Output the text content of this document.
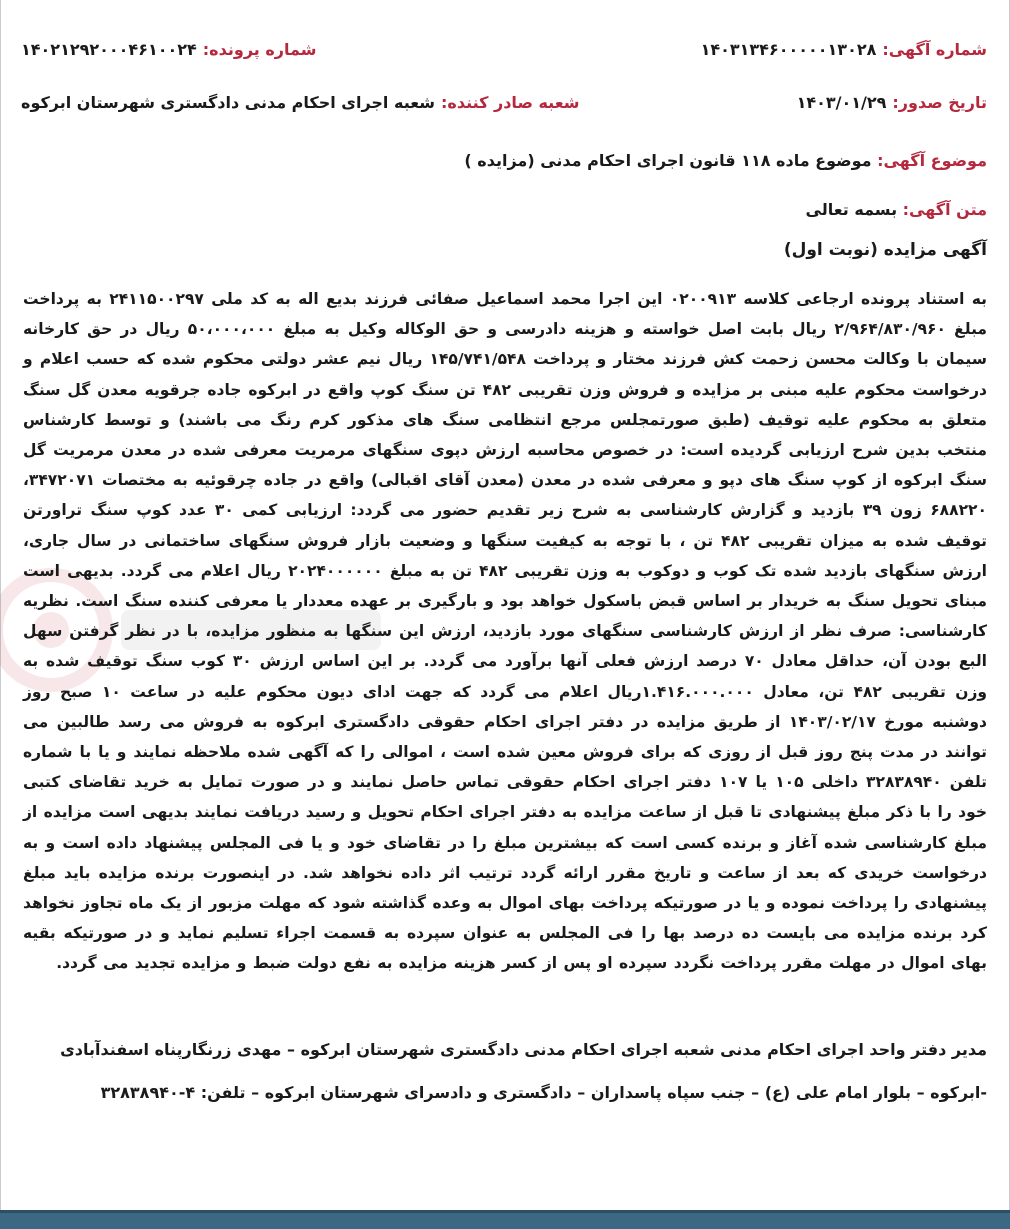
شماره پرونده:
۱۴۰۲۱۲۹۲۰۰۰۴۶۱۰۰۲۴	شماره آگهی:
۱۴۰۳۱۳۴۶۰۰۰۰۰۱۳۰۲۸
شعبه صادر کننده:
شعبه اجرای احکام مدنی دادگستری شهرستان ابرکوه	تاریخ صدور:
۱۴۰۳/۰۱/۲۹
موضوع آگهی: موضوع ماده ۱۱۸ قانون اجرای احکام مدنی (مزایده )
متن آگهی: بسمه تعالی
آگهی مزایده (نوبت اول)
به استناد پرونده ارجاعی کلاسه ۰۲۰۰۹۱۳ این اجرا محمد اسماعیل صفائی فرزند بدیع اله به کد ملی ۲۴۱۱۵۰۰۲۹۷ به پرداخت مبلغ ۲/۹۶۴/۸۳۰/۹۶۰ ریال بابت اصل خواسته و هزینه دادرسی و حق الوکاله وکیل به مبلغ ۵۰،۰۰۰،۰۰۰ ریال در حق کارخانه سیمان با وکالت محسن زحمت کش فرزند مختار و پرداخت ۱۴۵/۷۴۱/۵۴۸ ریال نیم عشر دولتی محکوم شده که حسب اعلام و درخواست محکوم علیه مبنی بر مزایده و فروش وزن تقریبی ۴۸۲ تن سنگ کوپ واقع در ابرکوه جاده جرقویه معدن گل سنگ متعلق به محکوم علیه توقیف (طبق صورتمجلس مرجع انتظامی سنگ های مذکور کرم رنگ می باشند) و توسط کارشناس منتخب بدین شرح ارزیابی گردیده است: در خصوص محاسبه ارزش دپوی سنگهای مرمریت معرفی شده در معدن مرمریت گل سنگ ابرکوه از کوپ سنگ های دپو و معرفی شده در معدن (معدن آقای اقبالی) واقع در جاده چرقوئیه به مختصات ۳۴۷۲۰۷۱، ۶۸۸۲۲۰ زون ۳۹ بازدید و گزارش کارشناسی به شرح زیر تقدیم حضور می گردد: ارزیابی کمی ۳۰ عدد کوپ سنگ تراورتن توقیف شده به میزان تقریبی ۴۸۲ تن ، با توجه به کیفیت سنگها و وضعیت بازار فروش سنگهای ساختمانی در سال جاری، ارزش سنگهای بازدید شده تک کوب و دوکوب به وزن تقریبی ۴۸۲ تن به مبلغ ۲۰۲۴۰۰۰۰۰۰ ریال اعلام می گردد. بدیهی است مبنای تحویل سنگ به خریدار بر اساس قبض باسکول خواهد بود و بارگیری بر عهده معددار یا معرفی کننده سنگ است. نظریه کارشناسی: صرف نظر از ارزش کارشناسی سنگهای مورد بازدید، ارزش این سنگها به منظور مزایده، با در نظر گرفتن سهل البع بودن آن، حداقل معادل ۷۰ درصد ارزش فعلی آنها برآورد می گردد. بر این اساس ارزش ۳۰ کوب سنگ توقیف شده به وزن تقریبی ۴۸۲ تن، معادل ۱.۴۱۶.۰۰۰.۰۰۰ریال اعلام می گردد که جهت ادای دیون محکوم علیه در ساعت ۱۰ صبح روز دوشنبه مورخ ۱۴۰۳/۰۲/۱۷ از طریق مزایده در دفتر اجرای احکام حقوقی دادگستری ابرکوه به فروش می رسد طالبین می توانند در مدت پنج روز قبل از روزی که برای فروش معین شده است ، اموالی را که آگهی شده ملاحظه نمایند و یا با شماره تلفن ۳۲۸۳۸۹۴۰ داخلی ۱۰۵ یا ۱۰۷ دفتر اجرای احکام حقوقی تماس حاصل نمایند و در صورت تمایل به خرید تقاضای کتبی خود را با ذکر مبلغ پیشنهادی تا قبل از ساعت مزایده به دفتر اجرای احکام تحویل و رسید دریافت نمایند بدیهی است مزایده از مبلغ کارشناسی شده آغاز و برنده کسی است که بیشترین مبلغ را در تقاضای خود و یا فی المجلس پیشنهاد داده است و به درخواست خریدی که بعد از ساعت و تاریخ مقرر ارائه گردد ترتیب اثر داده نخواهد شد. در اینصورت برنده مزایده باید مبلغ پیشنهادی را پرداخت نموده و یا در صورتیکه پرداخت بهای اموال به وعده گذاشته شود که مهلت مزبور از یک ماه تجاوز نخواهد کرد برنده مزایده می بایست ده درصد بها را فی المجلس به عنوان سپرده به قسمت اجراء تسلیم نماید و در صورتیکه بقیه بهای اموال در مهلت مقرر پرداخت نگردد سپرده او پس از کسر هزینه مزایده به نفع دولت ضبط و مزایده تجدید می گردد.
مدیر دفتر واحد اجرای احکام مدنی شعبه اجرای احکام مدنی دادگستری شهرستان ابرکوه – مهدی زرنگارپناه اسفندآبادی
-ابرکوه – بلوار امام علی (ع) – جنب سپاه پاسداران – دادگستری و دادسرای شهرستان ابرکوه – تلفن: ۴-۳۲۸۳۸۹۴۰
